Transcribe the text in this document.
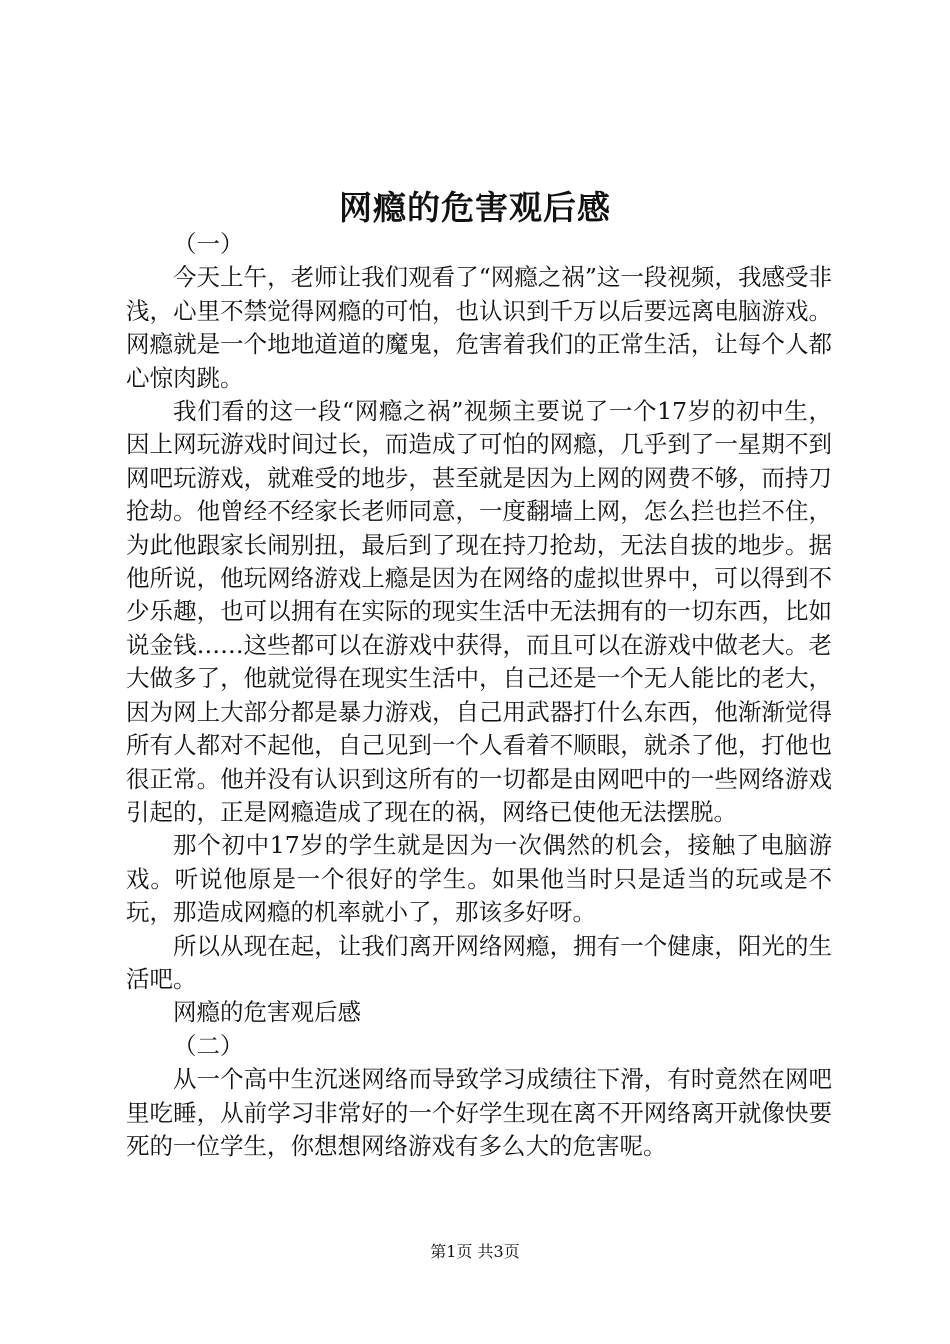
网瘾的危害观后感

（一）

今天上午，老师让我们观看了“网瘾之祸”这一段视频，我感受非浅，心里不禁觉得网瘾的可怕，也认识到千万以后要远离电脑游戏。网瘾就是一个地地道道的魔鬼，危害着我们的正常生活，让每个人都心惊肉跳。

我们看的这一段“网瘾之祸”视频主要说了一个17岁的初中生，因上网玩游戏时间过长，而造成了可怕的网瘾，几乎到了一星期不到网吧玩游戏，就难受的地步，甚至就是因为上网的网费不够，而持刀抢劫。他曾经不经家长老师同意，一度翻墙上网，怎么拦也拦不住，为此他跟家长闹别扭，最后到了现在持刀抢劫，无法自拔的地步。据他所说，他玩网络游戏上瘾是因为在网络的虚拟世界中，可以得到不少乐趣，也可以拥有在实际的现实生活中无法拥有的一切东西，比如说金钱……这些都可以在游戏中获得，而且可以在游戏中做老大。老大做多了，他就觉得在现实生活中，自己还是一个无人能比的老大，因为网上大部分都是暴力游戏，自己用武器打什么东西，他渐渐觉得所有人都对不起他，自己见到一个人看着不顺眼，就杀了他，打他也很正常。他并没有认识到这所有的一切都是由网吧中的一些网络游戏引起的，正是网瘾造成了现在的祸，网络已使他无法摆脱。

那个初中17岁的学生就是因为一次偶然的机会，接触了电脑游戏。听说他原是一个很好的学生。如果他当时只是适当的玩或是不玩，那造成网瘾的机率就小了，那该多好呀。

所以从现在起，让我们离开网络网瘾，拥有一个健康，阳光的生活吧。

网瘾的危害观后感

（二）

从一个高中生沉迷网络而导致学习成绩往下滑，有时竟然在网吧里吃睡，从前学习非常好的一个好学生现在离不开网络离开就像快要死的一位学生，你想想网络游戏有多么大的危害呢。

第1页 共3页
